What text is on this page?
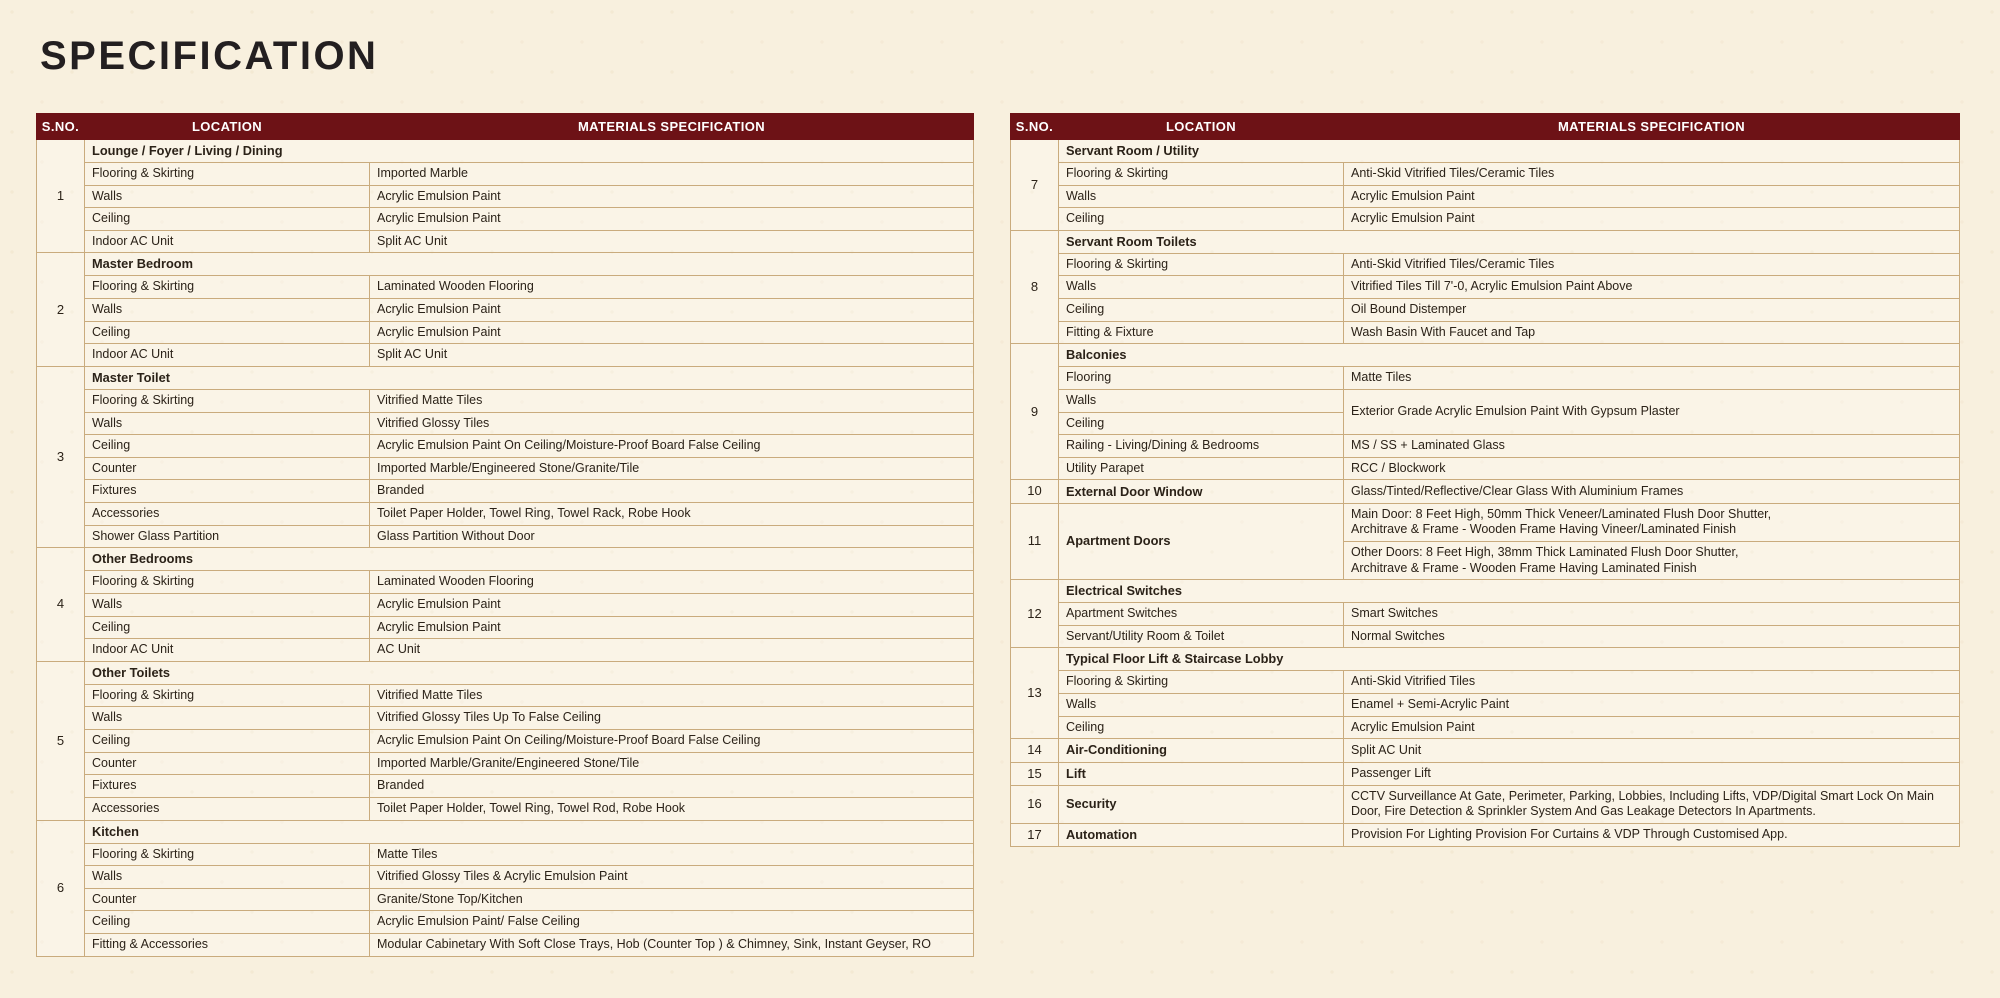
SPECIFICATION
S.NO.	LOCATION	MATERIALS SPECIFICATION
1	Lounge / Foyer / Living / Dining	
	Flooring & Skirting	Imported Marble
	Walls	Acrylic Emulsion Paint
	Ceiling	Acrylic Emulsion Paint
	Indoor AC Unit	Split AC Unit
2	Master Bedroom	
	Flooring & Skirting	Laminated Wooden Flooring
	Walls	Acrylic Emulsion Paint
	Ceiling	Acrylic Emulsion Paint
	Indoor AC Unit	Split AC Unit
3	Master Toilet	
	Flooring & Skirting	Vitrified Matte Tiles
	Walls	Vitrified Glossy Tiles
	Ceiling	Acrylic Emulsion Paint On Ceiling/Moisture-Proof Board False Ceiling
	Counter	Imported Marble/Engineered Stone/Granite/Tile
	Fixtures	Branded
	Accessories	Toilet Paper Holder, Towel Ring, Towel Rack, Robe Hook
	Shower Glass Partition	Glass Partition Without Door
4	Other Bedrooms	
	Flooring & Skirting	Laminated Wooden Flooring
	Walls	Acrylic Emulsion Paint
	Ceiling	Acrylic Emulsion Paint
	Indoor AC Unit	AC Unit
5	Other Toilets	
	Flooring & Skirting	Vitrified Matte Tiles
	Walls	Vitrified Glossy Tiles Up To False Ceiling
	Ceiling	Acrylic Emulsion Paint On Ceiling/Moisture-Proof Board False Ceiling
	Counter	Imported Marble/Granite/Engineered Stone/Tile
	Fixtures	Branded
	Accessories	Toilet Paper Holder, Towel Ring, Towel Rod, Robe Hook
6	Kitchen	
	Flooring & Skirting	Matte Tiles
	Walls	Vitrified Glossy Tiles & Acrylic Emulsion Paint
	Counter	Granite/Stone Top/Kitchen
	Ceiling	Acrylic Emulsion Paint/ False Ceiling
	Fitting & Accessories	Modular Cabinetary With Soft Close Trays, Hob (Counter Top ) & Chimney, Sink, Instant Geyser, RO
S.NO.	LOCATION	MATERIALS SPECIFICATION
7	Servant Room / Utility	
	Flooring & Skirting	Anti-Skid Vitrified Tiles/Ceramic Tiles
	Walls	Acrylic Emulsion Paint
	Ceiling	Acrylic Emulsion Paint
8	Servant Room Toilets	
	Flooring & Skirting	Anti-Skid Vitrified Tiles/Ceramic Tiles
	Walls	Vitrified Tiles Till 7'-0, Acrylic Emulsion Paint Above
	Ceiling	Oil Bound Distemper
	Fitting & Fixture	Wash Basin With Faucet and Tap
9	Balconies	
	Flooring	Matte Tiles
	Walls	Exterior Grade Acrylic Emulsion Paint With Gypsum Plaster
	Ceiling	
	Railing - Living/Dining & Bedrooms	MS / SS + Laminated Glass
	Utility Parapet	RCC / Blockwork
10	External Door Window	Glass/Tinted/Reflective/Clear Glass With Aluminium Frames
11	Apartment Doors	Main Door: 8 Feet High, 50mm Thick Veneer/Laminated Flush Door Shutter,
Architrave & Frame - Wooden Frame Having Vineer/Laminated Finish
		Other Doors: 8 Feet High, 38mm Thick Laminated Flush Door Shutter,
Architrave & Frame - Wooden Frame Having Laminated Finish
12	Electrical Switches	
	Apartment Switches	Smart Switches
	Servant/Utility Room & Toilet	Normal Switches
13	Typical Floor Lift & Staircase Lobby	
	Flooring & Skirting	Anti-Skid Vitrified Tiles
	Walls	Enamel + Semi-Acrylic Paint
	Ceiling	Acrylic Emulsion Paint
14	Air-Conditioning	Split AC Unit
15	Lift	Passenger Lift
16	Security	CCTV Surveillance At Gate, Perimeter, Parking, Lobbies, Including Lifts, VDP/Digital Smart Lock On Main Door, Fire Detection & Sprinkler System And Gas Leakage Detectors In Apartments.
17	Automation	Provision For Lighting Provision For Curtains & VDP Through Customised App.
